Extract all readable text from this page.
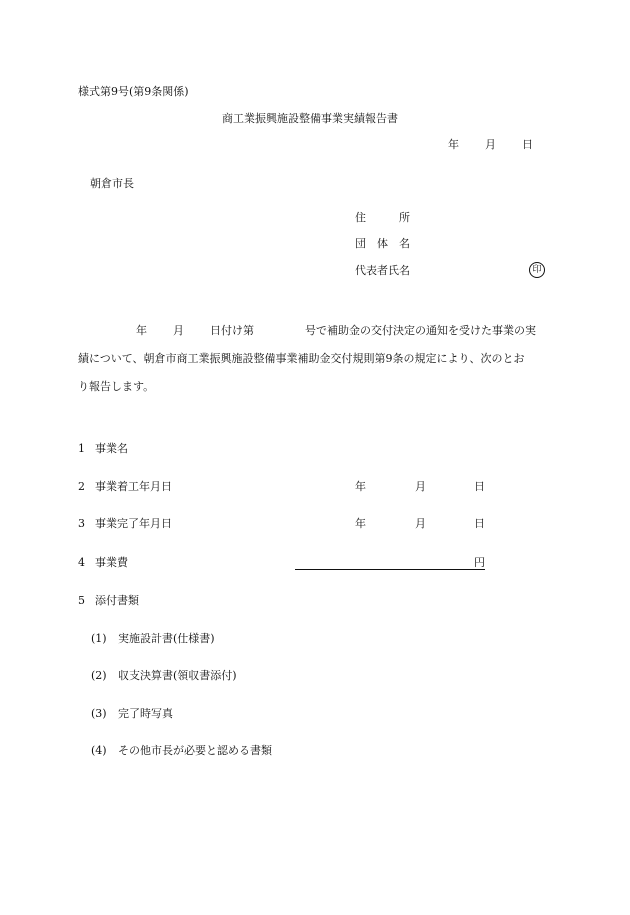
様式第9号(第9条関係)
商工業振興施設整備事業実績報告書
年 月 日
朝倉市長
住　　　所
団　体　名
代表者氏名	印
年 月 日付け第	号で補助金の交付決定の通知を受けた事業の実
績について、朝倉市商工業振興施設整備事業補助金交付規則第9条の規定により、次のとお
り報告します。
1 事業名
2 事業着工年月日	年	月	日
3 事業完了年月日	年	月	日
4 事業費	円
5 添付書類
(1) 実施設計書(仕様書)
(2) 収支決算書(領収書添付)
(3) 完了時写真
(4) その他市長が必要と認める書類
